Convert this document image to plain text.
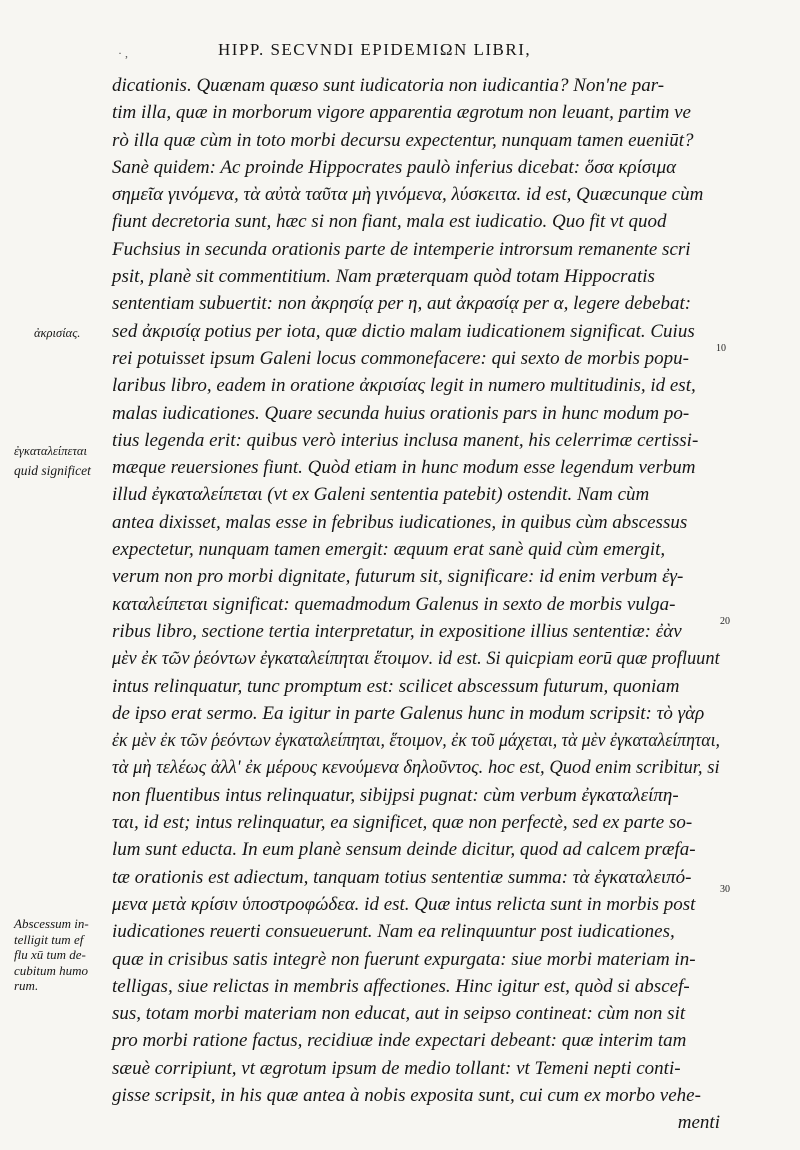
· ,	HIPP. SECVNDI EPIDEMIΩN LIBRI,
dicationis. Quænam quæso sunt iudicatoria non iudicantia? Non'ne par-
tim illa, quæ in morborum vigore apparentia ægrotum non leuant, partim ve
rò illa quæ cùm in toto morbi decursu expectentur, nunquam tamen eueniūt?
Sanè quidem: Ac proinde Hippocrates paulò inferius dicebat: ὅσα κρίσιμα
σημεῖα γινόμενα, τὰ αὐτὰ ταῦτα μὴ γινόμενα, λύσκειτα. id est, Quæcunque cùm
fiunt decretoria sunt, hæc si non fiant, mala est iudicatio. Quo fit vt quod
Fuchsius in secunda orationis parte de intemperie introrsum remanente scri
psit, planè sit commentitium. Nam præterquam quòd totam Hippocratis
sententiam subuertit: non ἀκρησίᾳ per η, aut ἀκρασίᾳ per α, legere debebat:
sed ἀκρισίᾳ potius per iota, quæ dictio malam iudicationem significat. Cuius
rei potuisset ipsum Galeni locus commonefacere: qui sexto de morbis popu-
laribus libro, eadem in oratione ἀκρισίας legit in numero multitudinis, id est,
malas iudicationes. Quare secunda huius orationis pars in hunc modum po-
tius legenda erit: quibus verò interius inclusa manent, his celerrimæ certissi-
mæque reuersiones fiunt. Quòd etiam in hunc modum esse legendum verbum
illud ἐγκαταλείπεται (vt ex Galeni sententia patebit) ostendit. Nam cùm
antea dixisset, malas esse in febribus iudicationes, in quibus cùm abscessus
expectetur, nunquam tamen emergit: æquum erat sanè quid cùm emergit,
verum non pro morbi dignitate, futurum sit, significare: id enim verbum ἐγ-
καταλείπεται significat: quemadmodum Galenus in sexto de morbis vulga-
ribus libro, sectione tertia interpretatur, in expositione illius sententiæ: ἐὰν
μὲν ἐκ τῶν ῥεόντων ἐγκαταλείπηται ἕτοιμον. id est. Si quicpiam eorū quæ profluunt
intus relinquatur, tunc promptum est: scilicet abscessum futurum, quoniam
de ipso erat sermo. Ea igitur in parte Galenus hunc in modum scripsit: τὸ γὰρ
ἐκ μὲν ἐκ τῶν ῥεόντων ἐγκαταλείπηται, ἕτοιμον, ἐκ τοῦ μάχεται, τὰ μὲν ἐγκαταλείπηται,
τὰ μὴ τελέως ἀλλ' ἐκ μέρους κενούμενα δηλοῦντος. hoc est, Quod enim scribitur, si
non fluentibus intus relinquatur, sibijpsi pugnat: cùm verbum ἐγκαταλείπη-
ται, id est; intus relinquatur, ea significet, quæ non perfectè, sed ex parte so-
lum sunt educta. In eum planè sensum deinde dicitur, quod ad calcem præfa-
tæ orationis est adiectum, tanquam totius sententiæ summa: τὰ ἐγκαταλειπό-
μενα μετὰ κρίσιν ὑποστροφώδεα. id est. Quæ intus relicta sunt in morbis post
iudicationes reuerti consueuerunt. Nam ea relinquuntur post iudicationes,
quæ in crisibus satis integrè non fuerunt expurgata: siue morbi materiam in-
telligas, siue relictas in membris affectiones. Hinc igitur est, quòd si abscef-
sus, totam morbi materiam non educat, aut in seipso contineat: cùm non sit
pro morbi ratione factus, recidiuæ inde expectari debeant: quæ interim tam
sæuè corripiunt, vt ægrotum ipsum de medio tollant: vt Temeni nepti conti-
gisse scripsit, in his quæ antea à nobis exposita sunt, cui cum ex morbo vehe-
menti
ἀκρισίας.
ἐγκαταλείπεται
quid significet
Abscessum in-
telligit tum ef
flu xū tum de-
cubitum humo
rum.
10
20
30
